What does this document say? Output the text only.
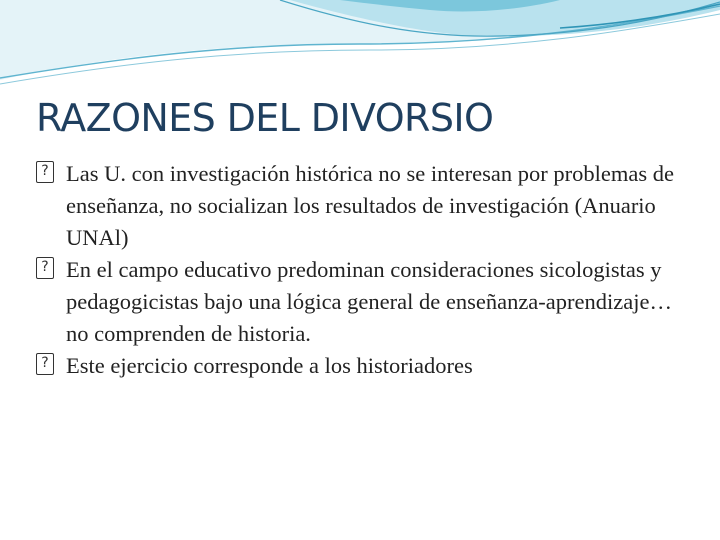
RAZONES DEL DIVORSIO
? Las U. con investigación histórica no se interesan por problemas de enseñanza, no socializan los resultados de investigación (Anuario UNAl)
? En el campo educativo predominan consideraciones sicologistas y pedagogicistas bajo una lógica general de enseñanza-aprendizaje… no comprenden de historia.
? Este ejercicio corresponde a los historiadores
